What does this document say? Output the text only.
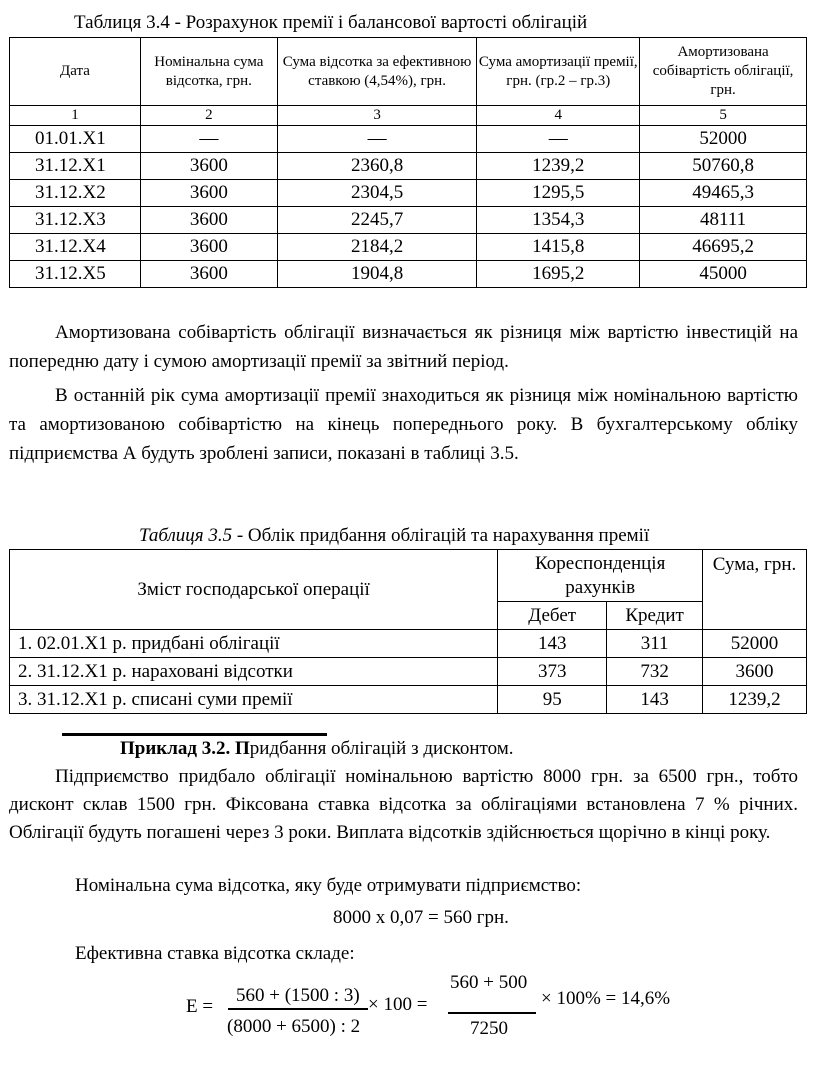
Таблиця 3.4 - Розрахунок премії і балансової вартості облігацій
Дата	Номінальна сума відсотка, грн.	Сума відсотка за ефективною ставкою (4,54%), грн.	Сума амортизації премії, грн. (гр.2 – гр.3)	Амортизована собівартість облігації, грн.
1	2	3	4	5
01.01.Х1	—	—	—	52000
31.12.Х1	3600	2360,8	1239,2	50760,8
31.12.Х2	3600	2304,5	1295,5	49465,3
31.12.Х3	3600	2245,7	1354,3	48111
31.12.Х4	3600	2184,2	1415,8	46695,2
31.12.Х5	3600	1904,8	1695,2	45000
Амортизована собівартість облігації визначається як різниця між вартістю інвестицій на попередню дату і сумою амортизації премії за звітний період.
В останній рік сума амортизації премії знаходиться як різниця між номінальною вартістю та амортизованою собівартістю на кінець попереднього року. В бухгалтерському обліку підприємства А будуть зроблені записи, показані в таблиці 3.5.
Таблиця 3.5 - Облік придбання облігацій та нарахування премії
Зміст господарської операції	Кореспонденція рахунків		Сума, грн.
	Дебет	Кредит	
1. 02.01.Х1 р. придбані облігації	143	311	52000
2. 31.12.Х1 р. нараховані відсотки	373	732	3600
3. 31.12.Х1 р. списані суми премії	95	143	1239,2
Приклад 3.2. Придбання облігацій з дисконтом.
Підприємство придбало облігації номінальною вартістю 8000 грн. за 6500 грн., тобто дисконт склав 1500 грн. Фіксована ставка відсотка за облігаціями встановлена 7 % річних. Облігації будуть погашені через 3 роки. Виплата відсотків здійснюється щорічно в кінці року.
Номінальна сума відсотка, яку буде отримувати підприємство:
8000 х 0,07 = 560 грн.
Ефективна ставка відсотка складе:
E =
560 + (1500 : 3)
(8000 + 6500) : 2
× 100 =
560 + 500
7250
× 100% = 14,6%
